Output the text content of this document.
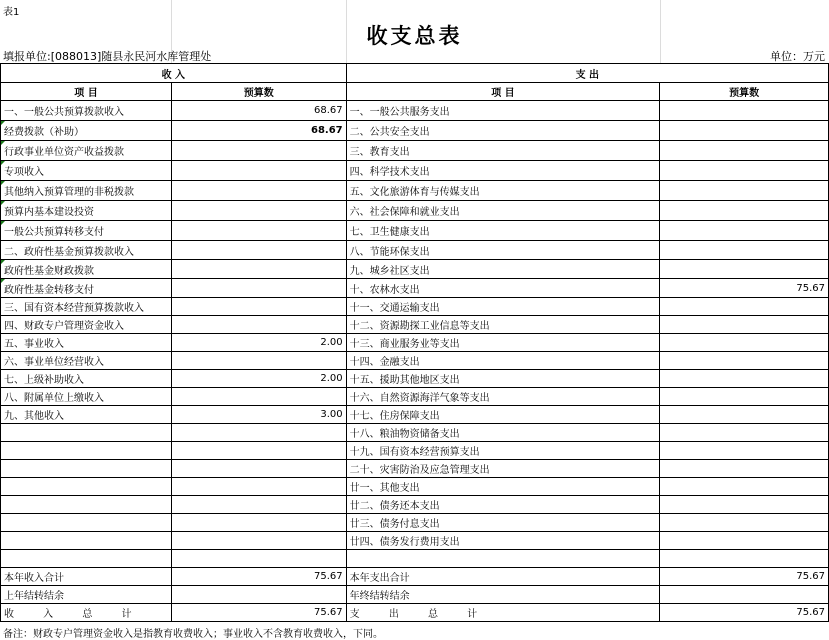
表1
收支总表
填报单位:[088013]随县永民河水库管理处	单位：万元
收 入		支 出	
项 目	预算数	项 目	预算数
一、一般公共预算拨款收入	68.67	一、一般公共服务支出	
经费拨款（补助）	68.67	二、公共安全支出	
行政事业单位资产收益拨款		三、教育支出	
专项收入		四、科学技术支出	
其他纳入预算管理的非税拨款		五、文化旅游体育与传媒支出	
预算内基本建设投资		六、社会保障和就业支出	
一般公共预算转移支付		七、卫生健康支出	
二、政府性基金预算拨款收入		八、节能环保支出	
政府性基金财政拨款		九、城乡社区支出	
政府性基金转移支付		十、农林水支出	75.67
三、国有资本经营预算拨款收入		十一、交通运输支出	
四、财政专户管理资金收入		十二、资源勘探工业信息等支出	
五、事业收入	2.00	十三、商业服务业等支出	
六、事业单位经营收入		十四、金融支出	
七、上级补助收入	2.00	十五、援助其他地区支出	
八、附属单位上缴收入		十六、自然资源海洋气象等支出	
九、其他收入	3.00	十七、住房保障支出	
		十八、粮油物资储备支出	
		十九、国有资本经营预算支出	
		二十、灾害防治及应急管理支出	
		廿一、其他支出	
		廿二、债务还本支出	
		廿三、债务付息支出	
		廿四、债务发行费用支出	

本年收入合计	75.67	本年支出合计	75.67
上年结转结余		年终结转结余	
收 入 总 计	75.67	支 出 总 计	75.67
备注：财政专户管理资金收入是指教育收费收入；事业收入不含教育收费收入，下同。
